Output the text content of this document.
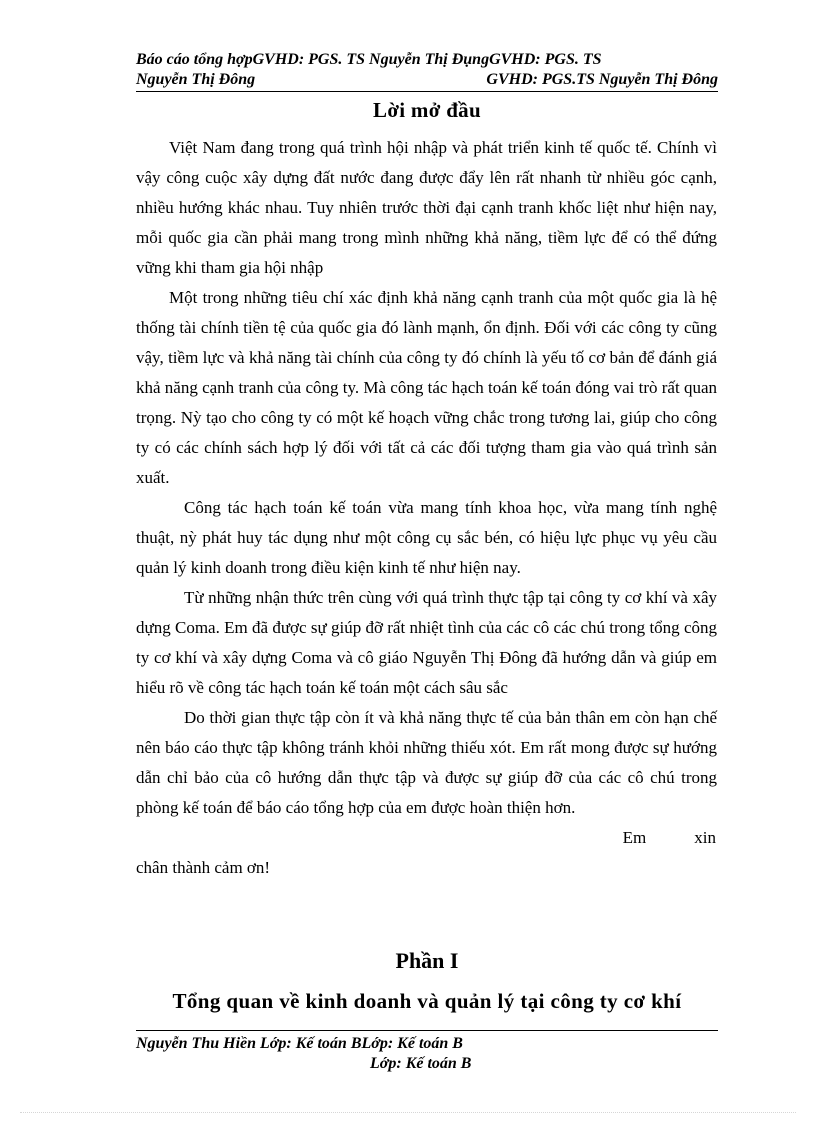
Báo cáo tổng hợpGVHD: PGS. TS Nguyễn Thị ĐụngGVHD: PGS. TS
Nguyễn Thị Đông	GVHD: PGS.TS Nguyễn Thị Đông
Lời mở đầu

Việt Nam đang trong quá trình hội nhập và phát triển kinh tế quốc tế. Chính vì vậy công cuộc xây dựng đất nước đang được đẩy lên rất nhanh từ nhiều góc cạnh, nhiều hướng khác nhau. Tuy nhiên trước thời đại cạnh tranh khốc liệt như hiện nay, mỗi quốc gia cần phải mang trong mình những khả năng, tiềm lực để có thể đứng vững khi tham gia hội nhập

Một trong những tiêu chí xác định khả năng cạnh tranh của một quốc gia là hệ thống tài chính tiền tệ của quốc gia đó lành mạnh, ổn định. Đối với các công ty cũng vậy, tiềm lực và khả năng tài chính của công ty đó chính là yếu tố cơ bản để đánh giá khả năng cạnh tranh của công ty. Mà công tác hạch toán kế toán đóng vai trò rất quan trọng. Nỳ tạo cho công ty có một kế hoạch vững chắc trong tương lai, giúp cho công ty có các chính sách hợp lý đối với tất cả các đối tượng tham gia vào quá trình sản xuất.

Công tác hạch toán kế toán vừa mang tính khoa học, vừa mang tính nghệ thuật, nỳ phát huy tác dụng như một công cụ sắc bén, có hiệu lực phục vụ yêu cầu quản lý kinh doanh trong điều kiện kinh tế như hiện nay.

Từ những nhận thức trên cùng với quá trình thực tập tại công ty cơ khí và xây dựng Coma. Em đã được sự giúp đỡ rất nhiệt tình của các cô các chú trong tổng công ty cơ khí và xây dựng Coma và cô giáo Nguyễn Thị Đông đã hướng dẫn và giúp em hiểu rõ về công tác hạch toán kế toán một cách sâu sắc

Do thời gian thực tập còn ít và khả năng thực tế của bản thân em còn hạn chế nên báo cáo thực tập không tránh khỏi những thiếu xót. Em rất mong được sự hướng dẫn chỉ bảo của cô hướng dẫn thực tập và được sự giúp đỡ của các cô chú trong phòng kế toán để báo cáo tổng hợp của em được hoàn thiện hơn.

Em	xin
chân thành cảm ơn!
Phần I
Tổng quan về kinh doanh và quản lý tại công ty cơ khí
Nguyễn Thu Hiền Lớp: Kế toán BLớp: Kế toán B
Lớp: Kế toán B
